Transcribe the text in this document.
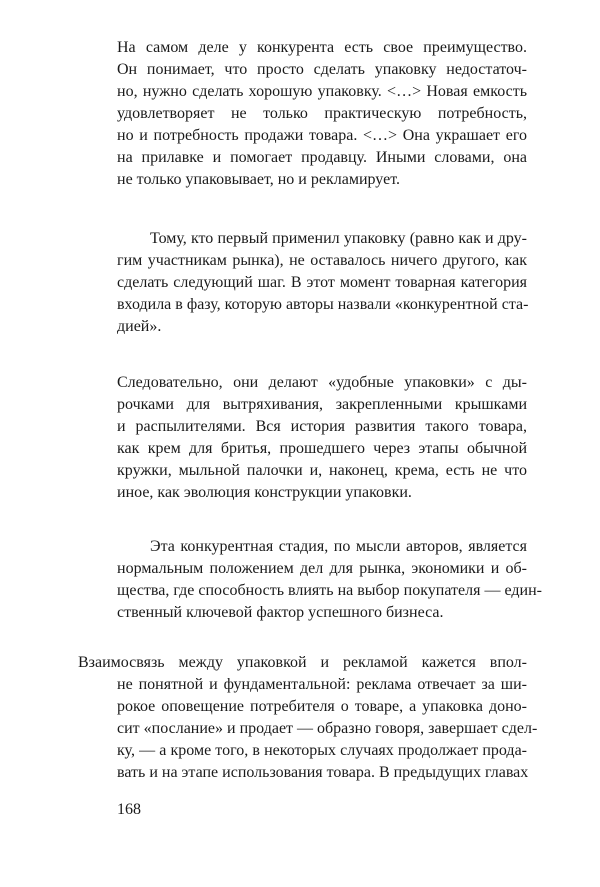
На самом деле у конкурента есть свое преимущество.
Он понимает, что просто сделать упаковку недостаточ-
но, нужно сделать хорошую упаковку. <…> Новая емкость
удовлетворяет не только практическую потребность,
но и потребность продажи товара. <…> Она украшает его
на прилавке и помогает продавцу. Иными словами, она
не только упаковывает, но и рекламирует.
Тому, кто первый применил упаковку (равно как и дру-
гим участникам рынка), не оставалось ничего другого, как
сделать следующий шаг. В этот момент товарная категория
входила в фазу, которую авторы назвали «конкурентной ста-
дией».
Следовательно, они делают «удобные упаковки» с ды-
рочками для вытряхивания, закрепленными крышками
и распылителями. Вся история развития такого товара,
как крем для бритья, прошедшего через этапы обычной
кружки, мыльной палочки и, наконец, крема, есть не что
иное, как эволюция конструкции упаковки.
Эта конкурентная стадия, по мысли авторов, является
нормальным положением дел для рынка, экономики и об-
щества, где способность влиять на выбор покупателя — един-
ственный ключевой фактор успешного бизнеса.
Взаимосвязь между упаковкой и рекламой кажется впол-
не понятной и фундаментальной: реклама отвечает за ши-
рокое оповещение потребителя о товаре, а упаковка доно-
сит «послание» и продает — образно говоря, завершает сдел-
ку, — а кроме того, в некоторых случаях продолжает прода-
вать и на этапе использования товара. В предыдущих главах
168
